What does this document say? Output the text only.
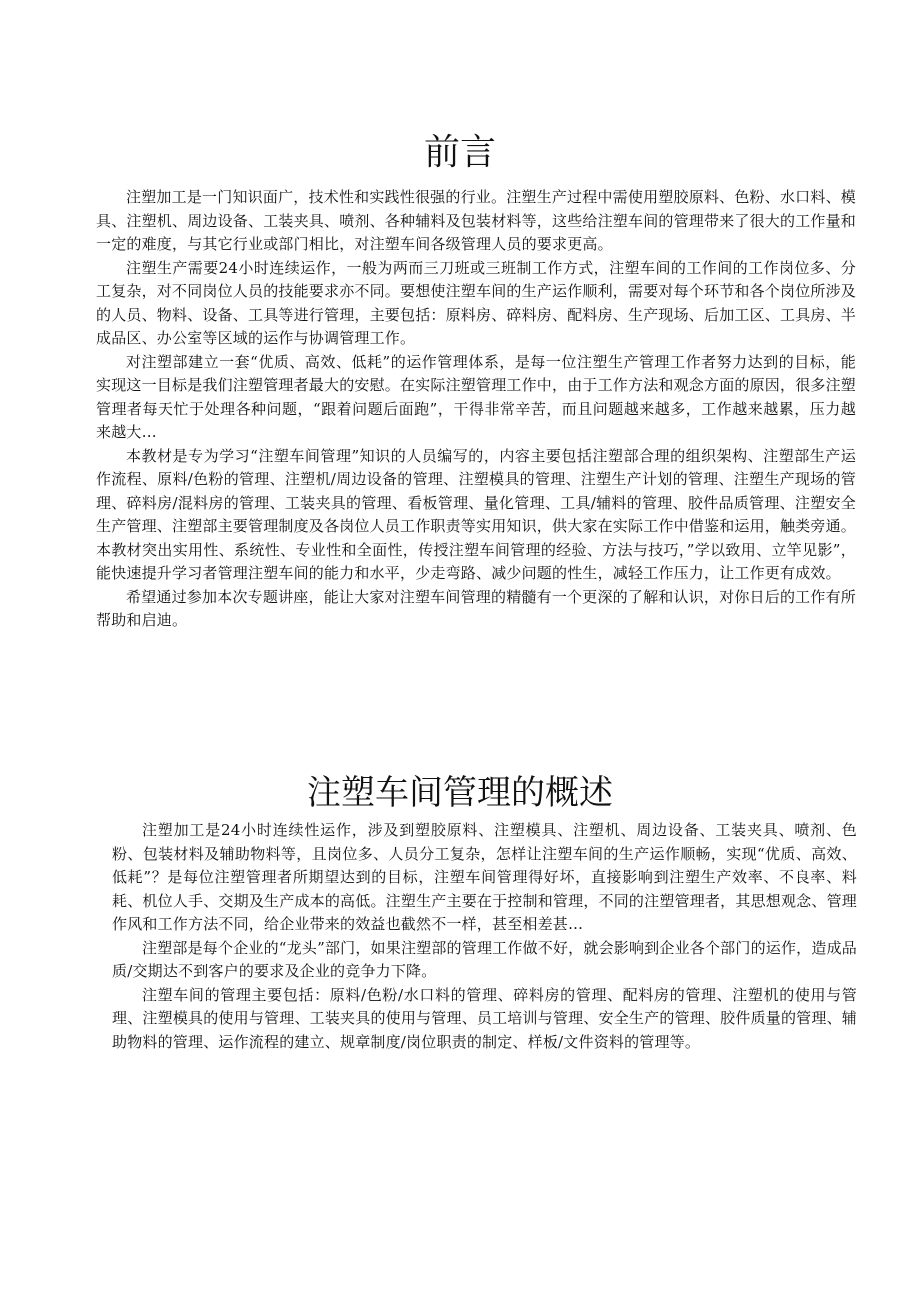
前言

注塑加工是一门知识面广，技术性和实践性很强的行业。注塑生产过程中需使用塑胶原料、色粉、水口料、模具、注塑机、周边设备、工装夹具、喷剂、各种辅料及包装材料等，这些给注塑车间的管理带来了很大的工作量和一定的难度，与其它行业或部门相比，对注塑车间各级管理人员的要求更高。

注塑生产需要24小时连续运作，一般为两而三刀班或三班制工作方式，注塑车间的工作间的工作岗位多、分工复杂，对不同岗位人员的技能要求亦不同。要想使注塑车间的生产运作顺利，需要对每个环节和各个岗位所涉及的人员、物料、设备、工具等进行管理，主要包括：原料房、碎料房、配料房、生产现场、后加工区、工具房、半成品区、办公室等区域的运作与协调管理工作。

对注塑部建立一套“优质、高效、低耗”的运作管理体系，是每一位注塑生产管理工作者努力达到的目标，能实现这一目标是我们注塑管理者最大的安慰。在实际注塑管理工作中，由于工作方法和观念方面的原因，很多注塑管理者每天忙于处理各种问题，“跟着问题后面跑”，干得非常辛苦，而且问题越来越多，工作越来越累，压力越来越大…

本教材是专为学习“注塑车间管理”知识的人员编写的，内容主要包括注塑部合理的组织架构、注塑部生产运作流程、原料/色粉的管理、注塑机/周边设备的管理、注塑模具的管理、注塑生产计划的管理、注塑生产现场的管理、碎料房/混料房的管理、工装夹具的管理、看板管理、量化管理、工具/辅料的管理、胶件品质管理、注塑安全生产管理、注塑部主要管理制度及各岗位人员工作职责等实用知识，供大家在实际工作中借鉴和运用，触类旁通。本教材突出实用性、系统性、专业性和全面性，传授注塑车间管理的经验、方法与技巧，”学以致用、立竿见影”，能快速提升学习者管理注塑车间的能力和水平，少走弯路、减少问题的性生，减轻工作压力，让工作更有成效。

希望通过参加本次专题讲座，能让大家对注塑车间管理的精髓有一个更深的了解和认识，对你日后的工作有所帮助和启迪。

注塑车间管理的概述

注塑加工是24小时连续性运作，涉及到塑胶原料、注塑模具、注塑机、周边设备、工装夹具、喷剂、色粉、包装材料及辅助物料等，且岗位多、人员分工复杂，怎样让注塑车间的生产运作顺畅，实现“优质、高效、低耗”？是每位注塑管理者所期望达到的目标，注塑车间管理得好坏，直接影响到注塑生产效率、不良率、料耗、机位人手、交期及生产成本的高低。注塑生产主要在于控制和管理，不同的注塑管理者，其思想观念、管理作风和工作方法不同，给企业带来的效益也截然不一样，甚至相差甚…

注塑部是每个企业的“龙头”部门，如果注塑部的管理工作做不好，就会影响到企业各个部门的运作，造成品质/交期达不到客户的要求及企业的竞争力下降。

注塑车间的管理主要包括：原料/色粉/水口料的管理、碎料房的管理、配料房的管理、注塑机的使用与管理、注塑模具的使用与管理、工装夹具的使用与管理、员工培训与管理、安全生产的管理、胶件质量的管理、辅助物料的管理、运作流程的建立、规章制度/岗位职责的制定、样板/文件资料的管理等。
